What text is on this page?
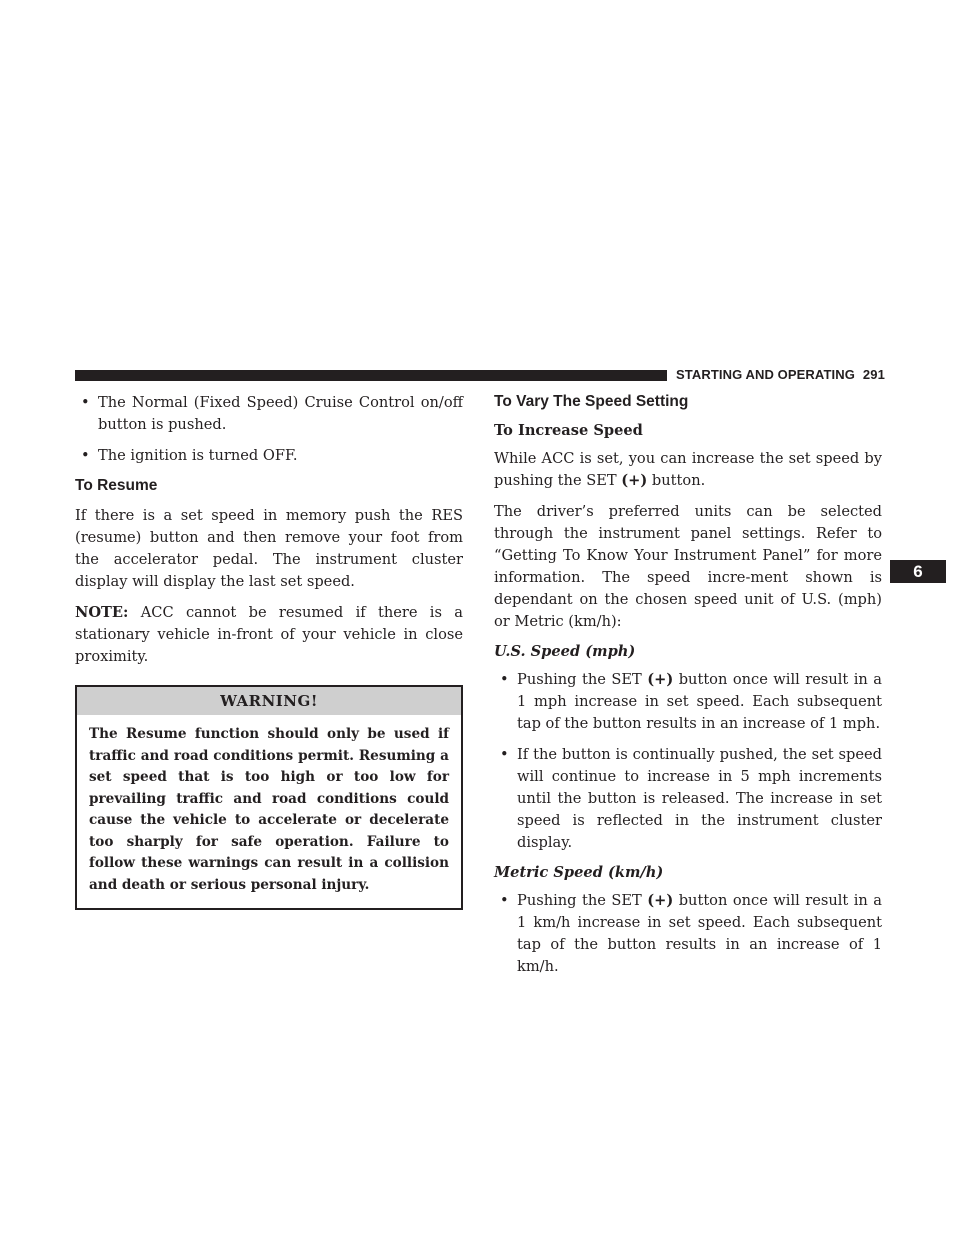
STARTING AND OPERATING 291
6

• The Normal (Fixed Speed) Cruise Control on/off button is pushed.

• The ignition is turned OFF.

To Resume

If there is a set speed in memory push the RES (resume) button and then remove your foot from the accelerator pedal. The instrument cluster display will display the last set speed.

NOTE: ACC cannot be resumed if there is a stationary vehicle in-front of your vehicle in close proximity.

WARNING!
The Resume function should only be used if traffic and road conditions permit. Resuming a set speed that is too high or too low for prevailing traffic and road conditions could cause the vehicle to accelerate or decelerate too sharply for safe operation. Failure to follow these warnings can result in a collision and death or serious personal injury.
To Vary The Speed Setting
To Increase Speed

While ACC is set, you can increase the set speed by pushing the SET (+) button.

The driver’s preferred units can be selected through the instrument panel settings. Refer to “Getting To Know Your Instrument Panel” for more information. The speed incre-ment shown is dependant on the chosen speed unit of U.S. (mph) or Metric (km/h):

U.S. Speed (mph)

• Pushing the SET (+) button once will result in a 1 mph increase in set speed. Each subsequent tap of the button results in an increase of 1 mph.

• If the button is continually pushed, the set speed will continue to increase in 5 mph increments until the button is released. The increase in set speed is reflected in the instrument cluster display.

Metric Speed (km/h)

• Pushing the SET (+) button once will result in a 1 km/h increase in set speed. Each subsequent tap of the button results in an increase of 1 km/h.
